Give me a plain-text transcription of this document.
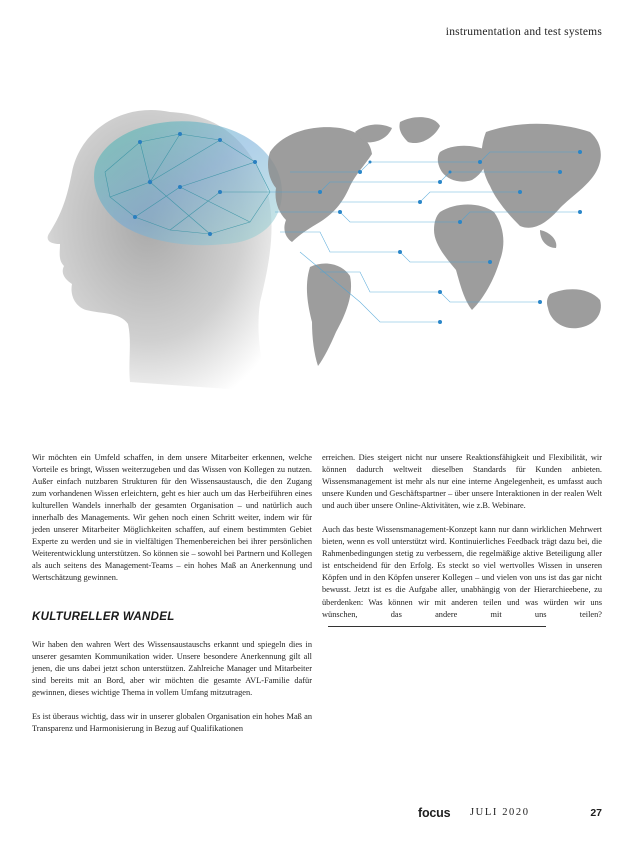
instrumentation and test systems

Wir möchten ein Umfeld schaffen, in dem unsere Mitarbeiter erkennen, welche Vorteile es bringt, Wissen weiterzugeben und das Wissen von Kollegen zu nutzen. Außer einfach nutzbaren Strukturen für den Wissensaustausch, die den Zugang zum vorhandenen Wissen erleichtern, geht es hier auch um das Herbeiführen eines kulturellen Wandels innerhalb der gesamten Organisation – und natürlich auch innerhalb des Managements. Wir gehen noch einen Schritt weiter, indem wir für jeden unserer Mitarbeiter Möglichkeiten schaffen, auf einem bestimmten Gebiet Experte zu werden und sie in vielfältigen Themenbereichen bei ihrer persönlichen Weiterentwicklung unterstützen. So können sie – sowohl bei Partnern und Kollegen als auch seitens des Management-Teams – ein hohes Maß an Anerkennung und Wertschätzung gewinnen.

KULTURELLER WANDEL

Wir haben den wahren Wert des Wissensaustauschs erkannt und spiegeln dies in unserer gesamten Kommunikation wider. Unsere besondere Anerkennung gilt all jenen, die uns dabei jetzt schon unterstützen. Zahlreiche Manager und Mitarbeiter sind bereits mit an Bord, aber wir möchten die gesamte AVL-Familie dafür gewinnen, dieses wichtige Thema in vollem Umfang mitzutragen.

Es ist überaus wichtig, dass wir in unserer globalen Organisation ein hohes Maß an Transparenz und Harmonisierung in Bezug auf Qualifikationen

erreichen. Dies steigert nicht nur unsere Reaktionsfähigkeit und Flexibilität, wir können dadurch weltweit dieselben Standards für Kunden anbieten. Wissensmanagement ist mehr als nur eine interne Angelegenheit, es umfasst auch unsere Kunden und Geschäftspartner – über unsere Interaktionen in der realen Welt und auch über unsere Online-Aktivitäten, wie z.B. Webinare.

Auch das beste Wissensmanagement-Konzept kann nur dann wirklichen Mehrwert bieten, wenn es voll unterstützt wird. Kontinuierliches Feedback trägt dazu bei, die Rahmenbedingungen stetig zu verbessern, die regelmäßige aktive Beteiligung aller ist entscheidend für den Erfolg. Es steckt so viel wertvolles Wissen in unseren Köpfen und in den Köpfen unserer Kollegen – und vielen von uns ist das gar nicht bewusst. Jetzt ist es die Aufgabe aller, unabhängig von der Hierarchieebene, zu überdenken: Was können wir mit anderen teilen und was würden wir uns wünschen, das andere mit uns teilen?

focus JULI 2020	27
